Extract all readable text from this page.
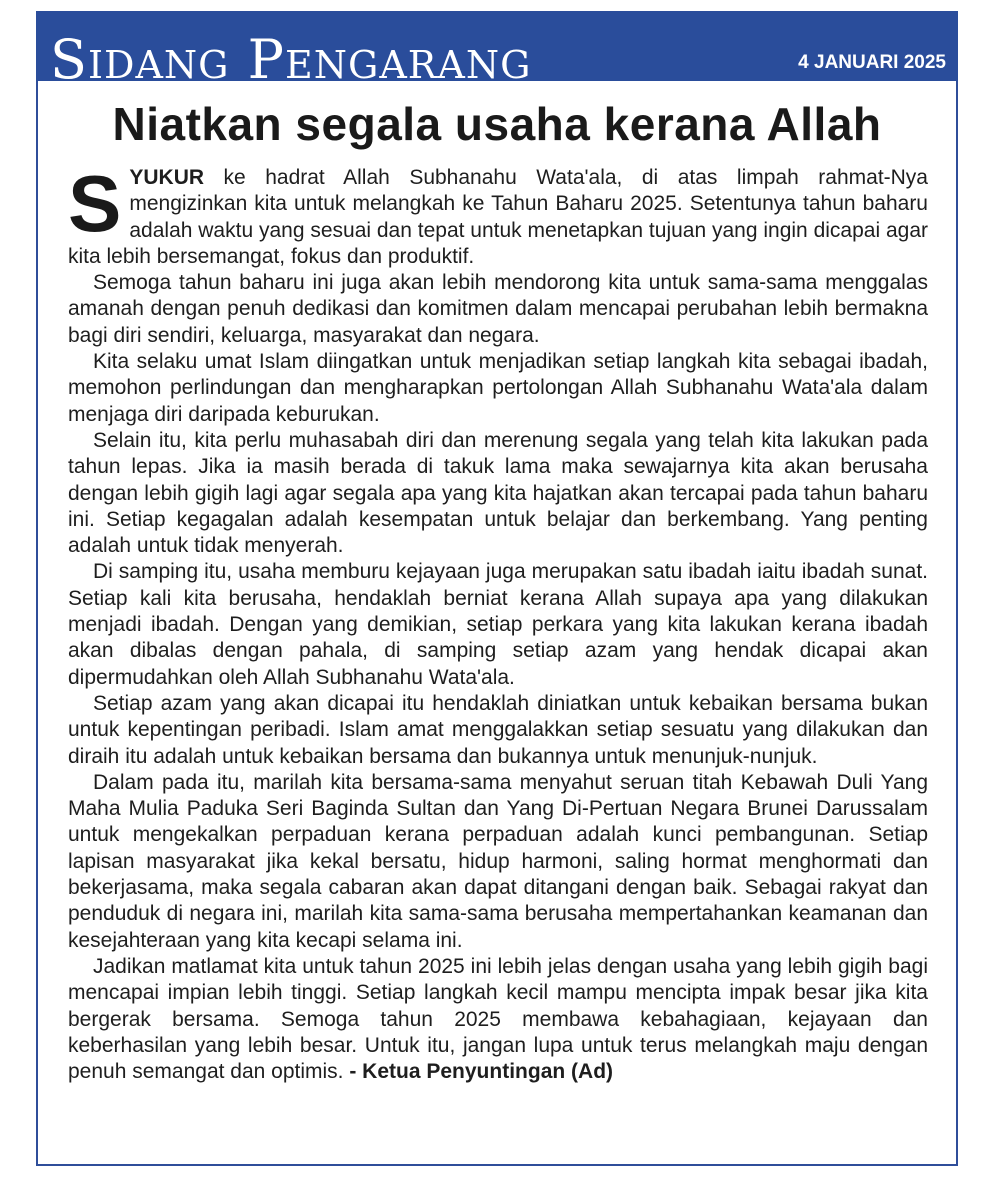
Sidang Pengarang	4 JANUARI 2025
Niatkan segala usaha kerana Allah

SYUKUR ke hadrat Allah Subhanahu Wata'ala, di atas limpah rahmat-Nya mengizinkan kita untuk melangkah ke Tahun Baharu 2025. Setentunya tahun baharu adalah waktu yang sesuai dan tepat untuk menetapkan tujuan yang ingin dicapai agar kita lebih bersemangat, fokus dan produktif.

Semoga tahun baharu ini juga akan lebih mendorong kita untuk sama-sama menggalas amanah dengan penuh dedikasi dan komitmen dalam mencapai perubahan lebih bermakna bagi diri sendiri, keluarga, masyarakat dan negara.

Kita selaku umat Islam diingatkan untuk menjadikan setiap langkah kita sebagai ibadah, memohon perlindungan dan mengharapkan pertolongan Allah Subhanahu Wata'ala dalam menjaga diri daripada keburukan.

Selain itu, kita perlu muhasabah diri dan merenung segala yang telah kita lakukan pada tahun lepas. Jika ia masih berada di takuk lama maka sewajarnya kita akan berusaha dengan lebih gigih lagi agar segala apa yang kita hajatkan akan tercapai pada tahun baharu ini. Setiap kegagalan adalah kesempatan untuk belajar dan berkembang. Yang penting adalah untuk tidak menyerah.

Di samping itu, usaha memburu kejayaan juga merupakan satu ibadah iaitu ibadah sunat. Setiap kali kita berusaha, hendaklah berniat kerana Allah supaya apa yang dilakukan menjadi ibadah. Dengan yang demikian, setiap perkara yang kita lakukan kerana ibadah akan dibalas dengan pahala, di samping setiap azam yang hendak dicapai akan dipermudahkan oleh Allah Subhanahu Wata'ala.

Setiap azam yang akan dicapai itu hendaklah diniatkan untuk kebaikan bersama bukan untuk kepentingan peribadi. Islam amat menggalakkan setiap sesuatu yang dilakukan dan diraih itu adalah untuk kebaikan bersama dan bukannya untuk menunjuk-nunjuk.

Dalam pada itu, marilah kita bersama-sama menyahut seruan titah Kebawah Duli Yang Maha Mulia Paduka Seri Baginda Sultan dan Yang Di-Pertuan Negara Brunei Darussalam untuk mengekalkan perpaduan kerana perpaduan adalah kunci pembangunan. Setiap lapisan masyarakat jika kekal bersatu, hidup harmoni, saling hormat menghormati dan bekerjasama, maka segala cabaran akan dapat ditangani dengan baik. Sebagai rakyat dan penduduk di negara ini, marilah kita sama-sama berusaha mempertahankan keamanan dan kesejahteraan yang kita kecapi selama ini.

Jadikan matlamat kita untuk tahun 2025 ini lebih jelas dengan usaha yang lebih gigih bagi mencapai impian lebih tinggi. Setiap langkah kecil mampu mencipta impak besar jika kita bergerak bersama. Semoga tahun 2025 membawa kebahagiaan, kejayaan dan keberhasilan yang lebih besar. Untuk itu, jangan lupa untuk terus melangkah maju dengan penuh semangat dan optimis. - Ketua Penyuntingan (Ad)
